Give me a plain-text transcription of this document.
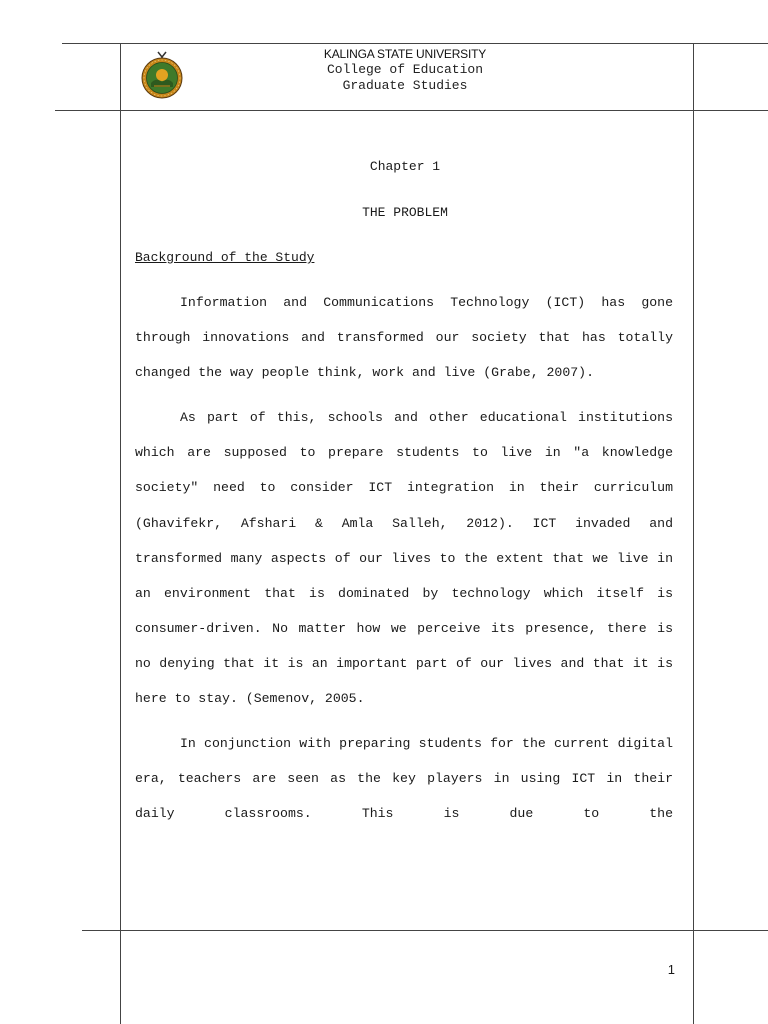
KALINGA STATE UNIVERSITY
College of Education
Graduate Studies
Chapter 1
THE PROBLEM
Background of the Study

Information and Communications Technology (ICT) has gone through innovations and transformed our society that has totally changed the way people think, work and live (Grabe, 2007).

As part of this, schools and other educational institutions which are supposed to prepare students to live in "a knowledge society" need to consider ICT integration in their curriculum (Ghavifekr, Afshari & Amla Salleh, 2012). ICT invaded and transformed many aspects of our lives to the extent that we live in an environment that is dominated by technology which itself is consumer-driven. No matter how we perceive its presence, there is no denying that it is an important part of our lives and that it is here to stay. (Semenov, 2005.

In conjunction with preparing students for the current digital era, teachers are seen as the key players in using ICT in their daily classrooms. This is due to the

1
